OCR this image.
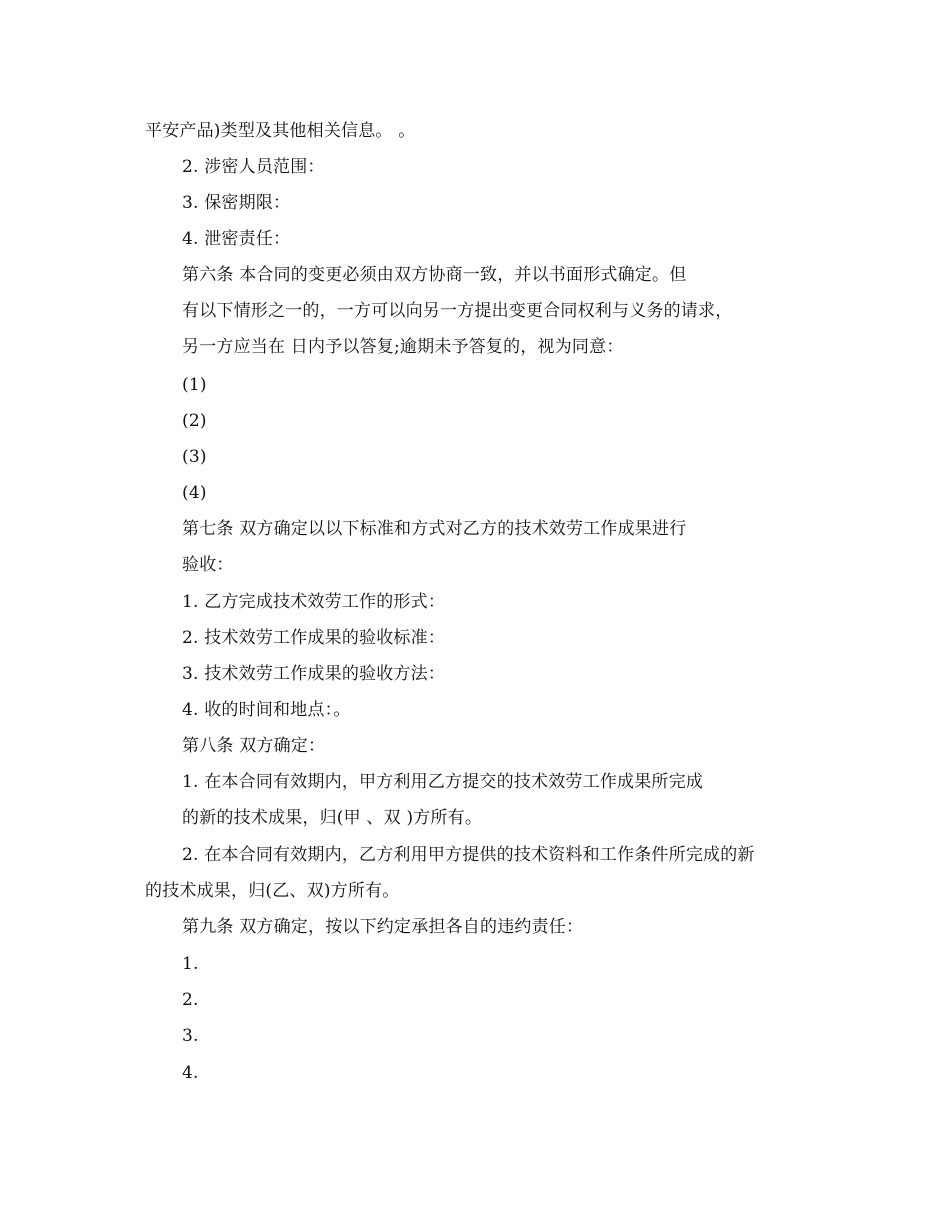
平安产品)类型及其他相关信息。 。
2. 涉密人员范围：
3. 保密期限：
4. 泄密责任：
第六条 本合同的变更必须由双方协商一致，并以书面形式确定。但
有以下情形之一的，一方可以向另一方提出变更合同权利与义务的请求，
另一方应当在 日内予以答复;逾期未予答复的，视为同意：
(1)
(2)
(3)
(4)
第七条 双方确定以以下标准和方式对乙方的技术效劳工作成果进行
验收：
1. 乙方完成技术效劳工作的形式：
2. 技术效劳工作成果的验收标准：
3. 技术效劳工作成果的验收方法：
4. 收的时间和地点：。
第八条 双方确定：
1. 在本合同有效期内，甲方利用乙方提交的技术效劳工作成果所完成
的新的技术成果，归(甲 、双 )方所有。
2. 在本合同有效期内，乙方利用甲方提供的技术资料和工作条件所完成的新
的技术成果，归(乙、双)方所有。
第九条 双方确定，按以下约定承担各自的违约责任：
1.
2.
3.
4.
